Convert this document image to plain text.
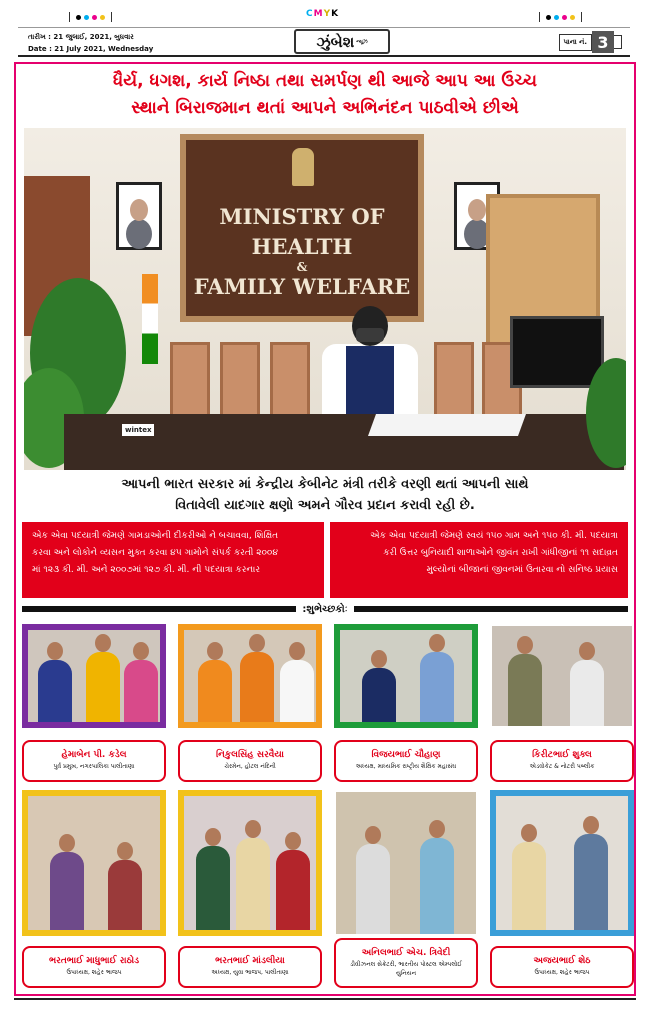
CMYK
તારીખ : 21 જુલાઈ, 2021, બુધવાર
Date : 21 July 2021, Wednesday	ઝુંબેશ ન્યૂઝ	પાના નં. 3
ધૈર્ય, ધગશ, કાર્ય નિષ્ઠા તથા સમર્પણ થી આજે આપ આ ઉચ્ચ
સ્થાને બિરાજમાન થતાં આપને અભિનંદન પાઠવીએ છીએ
MINISTRY OF HEALTH
&
FAMILY WELFARE
wintex
આપની ભારત સરકાર માં કેન્દ્રીય કેબીનેટ મંત્રી તરીકે વરણી થતાં આપની સાથે
વિતાવેલી યાદગાર ક્ષણો અમને ગૌરવ પ્રદાન કરાવી રહી છે.
એક એવા પદયાત્રી જેમણે ગામડાઓની દીકરીઓ ને બચાવવા, શિક્ષિત
કરવા અને લોકોને વ્યસન મુક્ત કરવા ૪૫ ગામોને સંપર્ક કરતી ૨૦૦૪
માં ૧૨૩ કી. મી. અને ૨૦૦૭માં ૧૨૭ કી. મી. ની પદયાત્રા કરનાર
એક એવા પદયાત્રી જેમણે સ્વયં ૧૫૦ ગામ અને ૧૫૦ કી. મી. પદયાત્રા
કરી ઉત્તર બુનિયાદી શાળાઓને જીવંત રાખી ગાંધીજીનાં ૧૧ સદાવ્રત
મુલ્યોનાં બીજાનાં જીવનમાં ઉતારવા નો સનિષ્ઠ પ્રયાસ
:શુભેચ્છકોઃ
હેમાબેન પી. કડેલ
પુર્વ પ્રમુખ, નગરપાલિકા પાલીતાણા
નિકુલસિંહ સરવૈયા
ચેરમેન, હોટલ નંદિની
વિજયભાઈ ચૌહાણ
અધ્યક્ષ, માધ્યમિક રાષ્ટ્રીય શૈક્ષિક મહાસંઘ
કિરીટભાઈ શુક્લ
એડવોકેટ & નોટરી પબ્લીક
ભરતભાઈ માધુભાઈ રાઠોડ
ઉપાધ્યક્ષ, શહેર ભાજપ
ભરતભાઈ માંડલીયા
અધ્યક્ષ, યુવા ભાજપ, પાલીતાણા
અનિલભાઈ એચ. ત્રિવેદી
ડીવીઝનલ સેક્રેટરી, ભારતીય પોસ્ટલ એમ્પલોઈ યુનિયન
અજયભાઈ શેઠ
ઉપાધ્યક્ષ, શહેર ભાજપ
